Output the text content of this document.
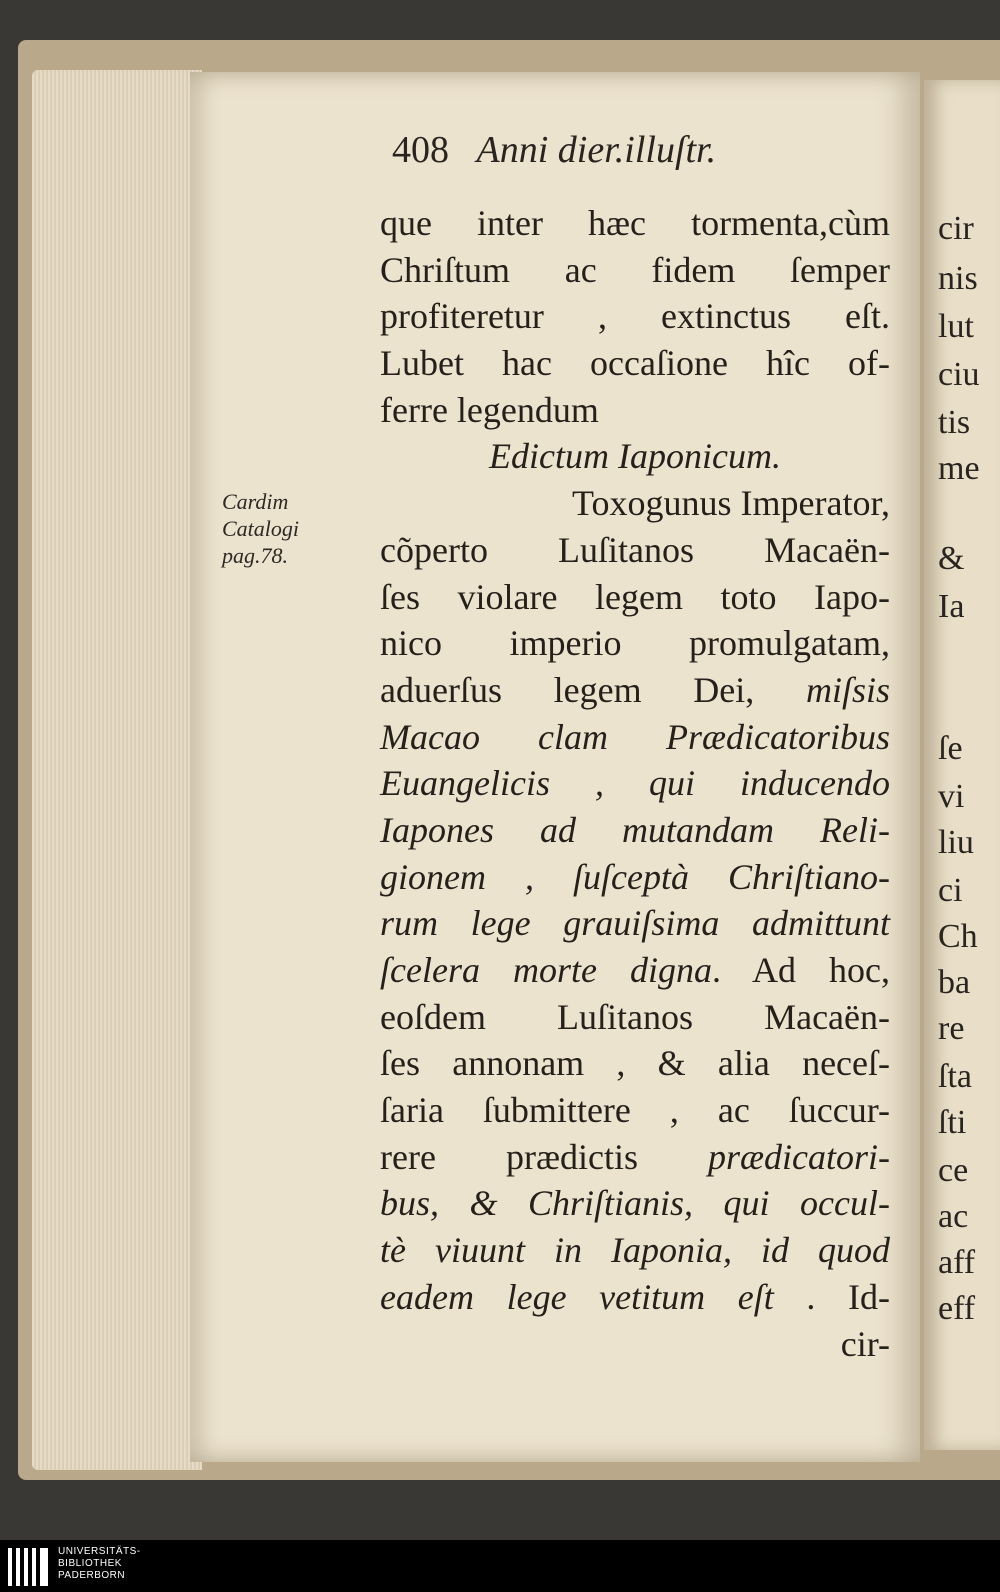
cir
nis
lut
ciu
tis
me
&
Ia
ſe
vi
liu
ci
Ch
ba
re
ſta
ſti
ce
ac
aff
eff
408 Anni dier.illuſtr.
Cardim
Catalogi
pag.78.
que inter hæc tormenta,cùm
Chriſtum ac fidem ſemper
profiteretur , extinctus eſt.
Lubet hac occaſione hîc of-
ferre legendum
Edictum Iaponicum.
Toxogunus Imperator,
cõperto Luſitanos Macaën-
ſes violare legem toto Iapo-
nico imperio promulgatam,
aduerſus legem Dei, miſsis
Macao clam Prædicatoribus
Euangelicis , qui inducendo
Iapones ad mutandam Reli-
gionem , ſuſceptà Chriſtiano-
rum lege grauiſsima admittunt
ſcelera morte digna. Ad hoc,
eoſdem Luſitanos Macaën-
ſes annonam , & alia neceſ-
ſaria ſubmittere , ac ſuccur-
rere prædictis prædicatori-
bus, & Chriſtianis, qui occul-
tè viuunt in Iaponia, id quod
eadem lege vetitum eſt . Id-
cir-
UNIVERSITÄTS-
BIBLIOTHEK
PADERBORN
